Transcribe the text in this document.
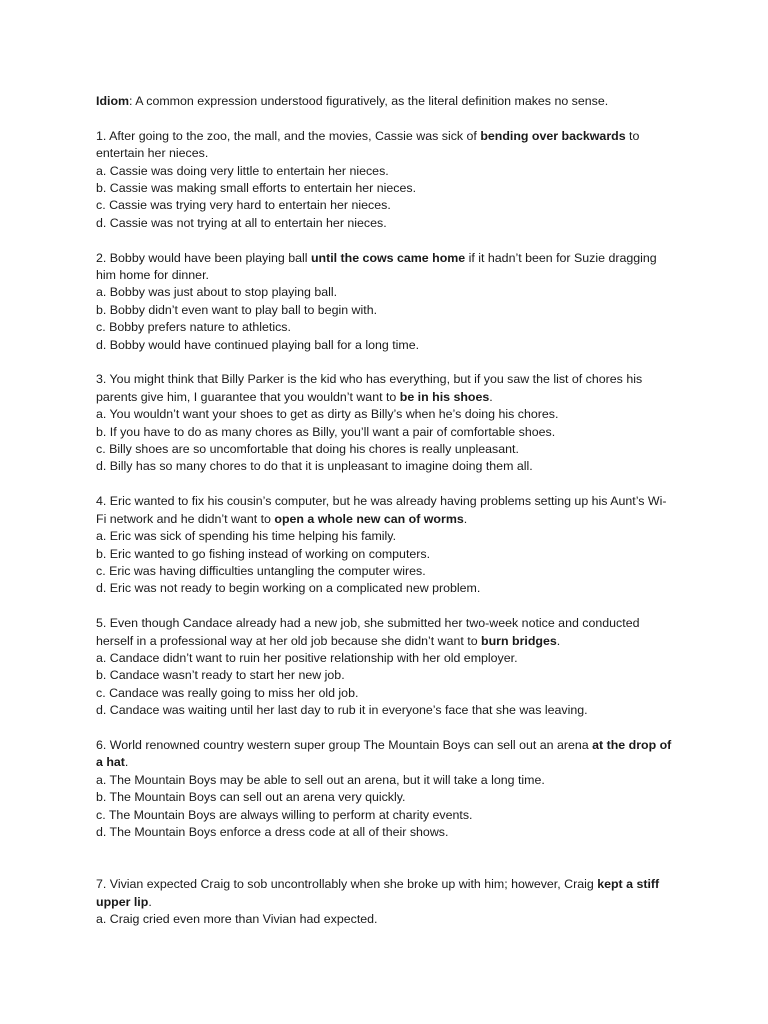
Idiom: A common expression understood figuratively, as the literal definition makes no sense.

1. After going to the zoo, the mall, and the movies, Cassie was sick of bending over backwards to entertain her nieces.

a. Cassie was doing very little to entertain her nieces.

b. Cassie was making small efforts to entertain her nieces.

c. Cassie was trying very hard to entertain her nieces.

d. Cassie was not trying at all to entertain her nieces.

2. Bobby would have been playing ball until the cows came home if it hadn’t been for Suzie dragging him home for dinner.

a. Bobby was just about to stop playing ball.

b. Bobby didn’t even want to play ball to begin with.

c. Bobby prefers nature to athletics.

d. Bobby would have continued playing ball for a long time.

3. You might think that Billy Parker is the kid who has everything, but if you saw the list of chores his parents give him, I guarantee that you wouldn’t want to be in his shoes.

a. You wouldn’t want your shoes to get as dirty as Billy’s when he’s doing his chores.

b. If you have to do as many chores as Billy, you’ll want a pair of comfortable shoes.

c. Billy shoes are so uncomfortable that doing his chores is really unpleasant.

d. Billy has so many chores to do that it is unpleasant to imagine doing them all.

4. Eric wanted to fix his cousin’s computer, but he was already having problems setting up his Aunt’s Wi-Fi network and he didn’t want to open a whole new can of worms.

a. Eric was sick of spending his time helping his family.

b. Eric wanted to go fishing instead of working on computers.

c. Eric was having difficulties untangling the computer wires.

d. Eric was not ready to begin working on a complicated new problem.

5. Even though Candace already had a new job, she submitted her two-week notice and conducted herself in a professional way at her old job because she didn’t want to burn bridges.

a. Candace didn’t want to ruin her positive relationship with her old employer.

b. Candace wasn’t ready to start her new job.

c. Candace was really going to miss her old job.

d. Candace was waiting until her last day to rub it in everyone’s face that she was leaving.

6. World renowned country western super group The Mountain Boys can sell out an arena at the drop of a hat.

a. The Mountain Boys may be able to sell out an arena, but it will take a long time.

b. The Mountain Boys can sell out an arena very quickly.

c. The Mountain Boys are always willing to perform at charity events.

d. The Mountain Boys enforce a dress code at all of their shows.

7. Vivian expected Craig to sob uncontrollably when she broke up with him; however, Craig kept a stiff upper lip.

a. Craig cried even more than Vivian had expected.
